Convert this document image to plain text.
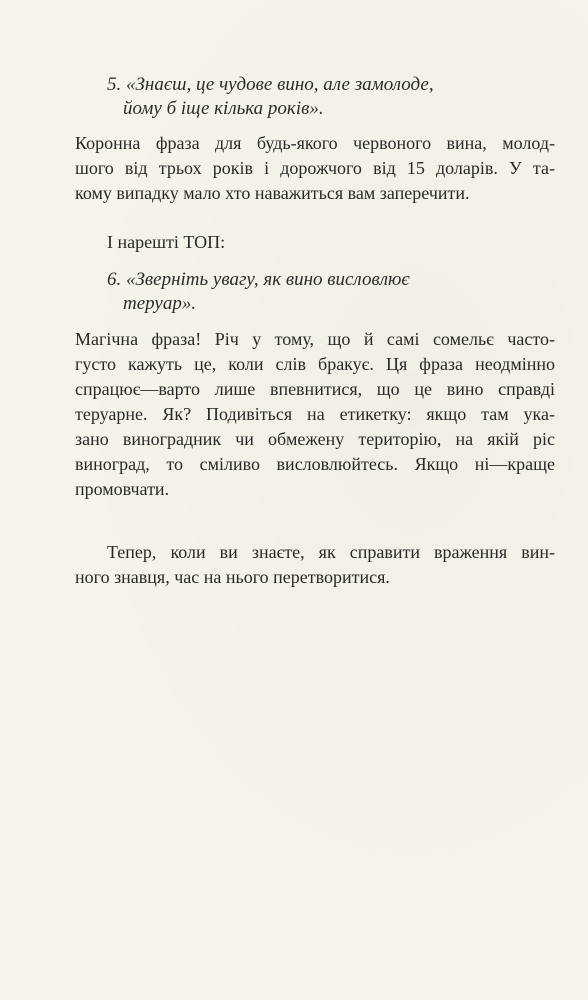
5. «Знаєш, це чудове вино, але замолоде,
йому б іще кілька років».

Коронна фраза для будь-якого червоного вина, молод-
шого від трьох років і дорожчого від 15 доларів. У та-
кому випадку мало хто наважиться вам заперечити.

І нарешті ТОП:

6. «Зверніть увагу, як вино висловлює
теруар».

Магічна фраза! Річ у тому, що й самі сомельє часто-
густо кажуть це, коли слів бракує. Ця фраза неодмінно
спрацює—варто лише впевнитися, що це вино справді
теруарне. Як? Подивіться на етикетку: якщо там ука-
зано виноградник чи обмежену територію, на якій ріс
виноград, то сміливо висловлюйтесь. Якщо ні—краще
промовчати.

Тепер, коли ви знаєте, як справити враження вин-
ного знавця, час на нього перетворитися.
